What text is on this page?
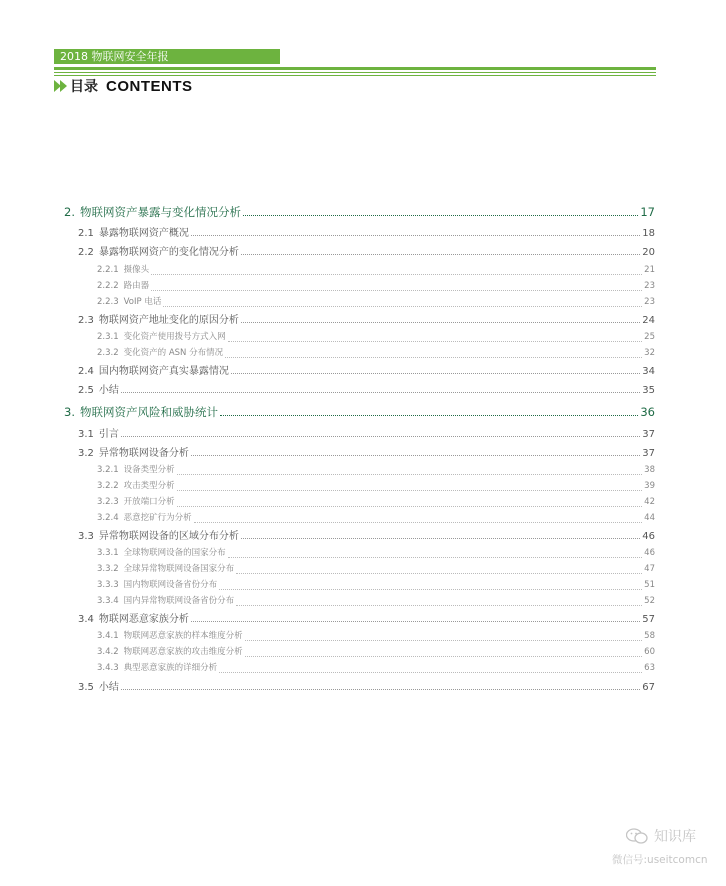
2018 物联网安全年报
目录 CONTENTS
2. 物联网资产暴露与变化情况分析	17
2.1 暴露物联网资产概况	18
2.2 暴露物联网资产的变化情况分析	20
2.2.1 摄像头	21
2.2.2 路由器	23
2.2.3 VoIP 电话	23
2.3 物联网资产地址变化的原因分析	24
2.3.1 变化资产使用拨号方式入网	25
2.3.2 变化资产的 ASN 分布情况	32
2.4 国内物联网资产真实暴露情况	34
2.5 小结	35
3. 物联网资产风险和威胁统计	36
3.1 引言	37
3.2 异常物联网设备分析	37
3.2.1 设备类型分析	38
3.2.2 攻击类型分析	39
3.2.3 开放端口分析	42
3.2.4 恶意挖矿行为分析	44
3.3 异常物联网设备的区域分布分析	46
3.3.1 全球物联网设备的国家分布	46
3.3.2 全球异常物联网设备国家分布	47
3.3.3 国内物联网设备省份分布	51
3.3.4 国内异常物联网设备省份分布	52
3.4 物联网恶意家族分析	57
3.4.1 物联网恶意家族的样本维度分析	58
3.4.2 物联网恶意家族的攻击维度分析	60
3.4.3 典型恶意家族的详细分析	63
3.5 小结	67
知识库
微信号:useitcomcn
